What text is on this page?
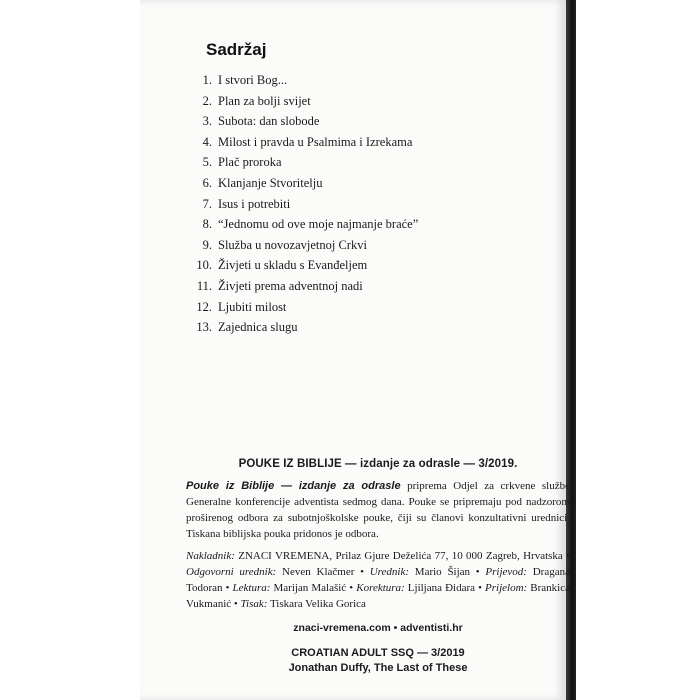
Sadržaj
1. I stvori Bog...
2. Plan za bolji svijet
3. Subota: dan slobode
4. Milost i pravda u Psalmima i Izrekama
5. Plač proroka
6. Klanjanje Stvoritelju
7. Isus i potrebiti
8. “Jednomu od ove moje najmanje braće”
9. Služba u novozavjetnoj Crkvi
10. Živjeti u skladu s Evanđeljem
11. Živjeti prema adventnoj nadi
12. Ljubiti milost
13. Zajednica slugu
POUKE IZ BIBLIJE — izdanje za odrasle — 3/2019.

Pouke iz Biblije — izdanje za odrasle priprema Odjel za crkvene službe Generalne konferencije adventista sedmog dana. Pouke se pripremaju pod nadzorom proširenog odbora za subotnjoškolske pouke, čiji su članovi konzultativni urednici. Tiskana biblijska pouka pridonos je odbora.

Nakladnik: ZNACI VREMENA, Prilaz Gjure Deželića 77, 10 000 Zagreb, Hrvatska • Odgovorni urednik: Neven Klačmer • Urednik: Mario Šijan • Prijevod: Dragana Todoran • Lektura: Marijan Malašić • Korektura: Ljiljana Đidara • Prijelom: Brankica Vukmanić • Tisak: Tiskara Velika Gorica

znaci-vremena.com • adventisti.hr
CROATIAN ADULT SSQ — 3/2019
Jonathan Duffy, The Last of These
